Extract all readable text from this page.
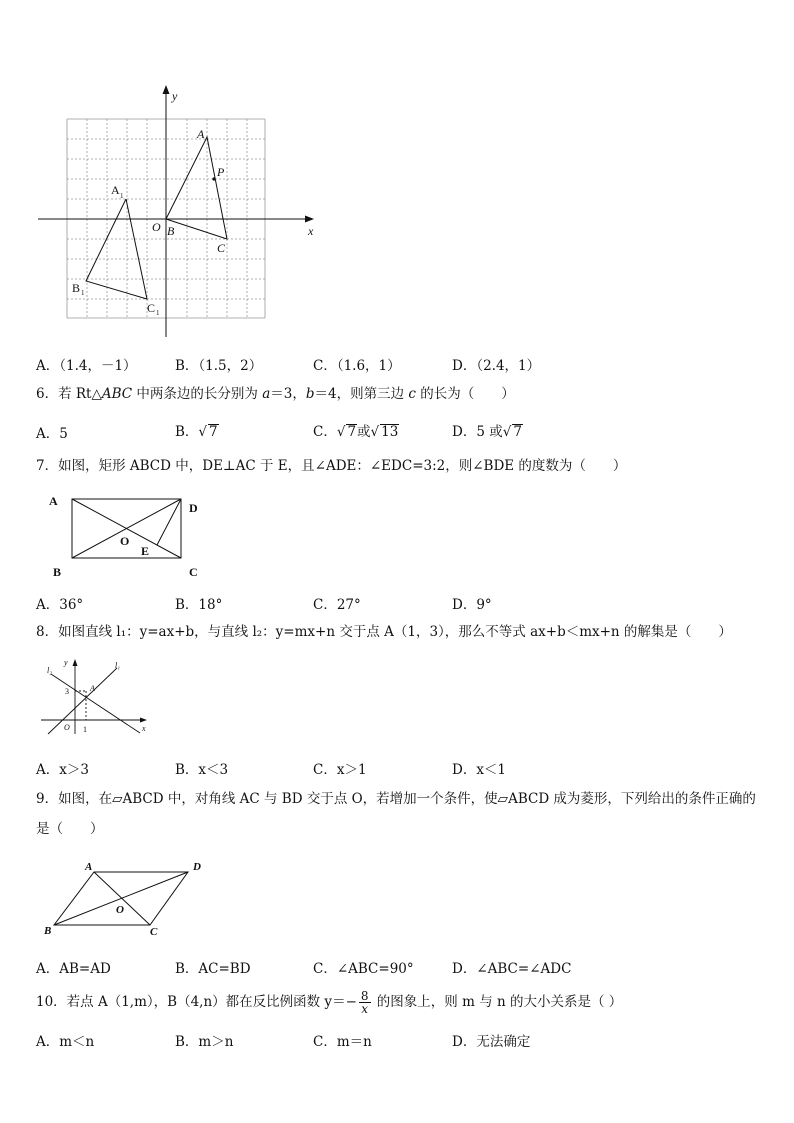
y
x
O
A
P
B
C
A 1
B 1
C 1
A．（1.4，－1）	B．（1.5，2）	C．（1.6，1）	D．（2.4，1）
6．若 Rt△ABC 中两条边的长分别为 a＝3，b＝4，则第三边 c 的长为（　　）
A．5	B．√ 7	C．√ 7或√ 13	D．5 或√ 7
7．如图，矩形 ABCD 中，DE⊥AC 于 E，且∠ADE：∠EDC=3:2，则∠BDE 的度数为（　　）
A	D
B	C
O
E
A．36°	B．18°	C．27°	D．9°
8．如图直线 l₁：y=ax+b，与直线 l₂：y=mx+n 交于点 A（1，3），那么不等式 ax+b＜mx+n 的解集是（　　）
l₂
l₁
y
x
A
O
3
1
A．x＞3	B．x＜3	C．x＞1	D．x＜1
9．如图，在▱ABCD 中，对角线 AC 与 BD 交于点 O，若增加一个条件，使▱ABCD 成为菱形，下列给出的条件正确的
是（　　）
A	D
B	C
O
A．AB=AD	B．AC=BD	C．∠ABC=90°	D．∠ABC=∠ADC
10．若点 A（1,m），B（4,n）都在反比例函数 $y=- \frac{8}{x}$ 的图象上，则 m 与 n 的大小关系是（ ）
A．m＜n	B．m＞n	C．m＝n	D．无法确定
